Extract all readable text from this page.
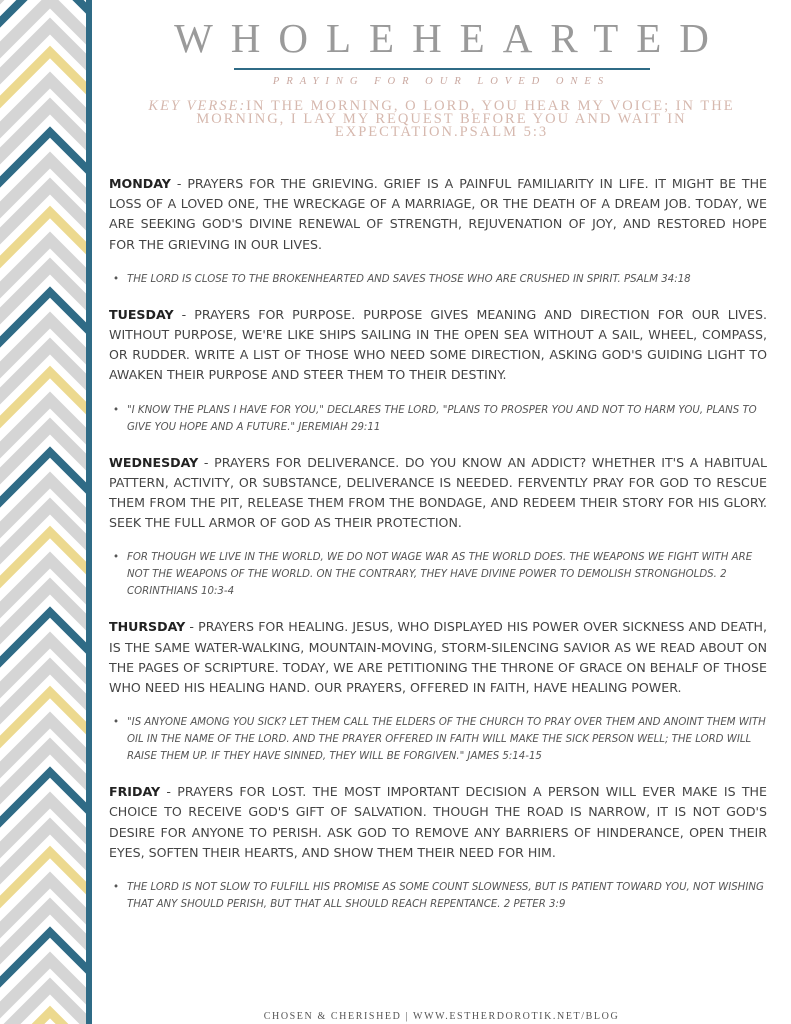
WHOLEHEARTED
PRAYING FOR OUR LOVED ONES
KEY VERSE:IN THE MORNING, O LORD, YOU HEAR MY VOICE; IN THE MORNING, I LAY MY REQUEST BEFORE YOU AND WAIT IN EXPECTATION.PSALM 5:3

MONDAY - PRAYERS FOR THE GRIEVING. GRIEF IS A PAINFUL FAMILIARITY IN LIFE. IT MIGHT BE THE LOSS OF A LOVED ONE, THE WRECKAGE OF A MARRIAGE, OR THE DEATH OF A DREAM JOB. TODAY, WE ARE SEEKING GOD'S DIVINE RENEWAL OF STRENGTH, REJUVENATION OF JOY, AND RESTORED HOPE FOR THE GRIEVING IN OUR LIVES.

• THE LORD IS CLOSE TO THE BROKENHEARTED AND SAVES THOSE WHO ARE CRUSHED IN SPIRIT. PSALM 34:18

TUESDAY - PRAYERS FOR PURPOSE. PURPOSE GIVES MEANING AND DIRECTION FOR OUR LIVES. WITHOUT PURPOSE, WE'RE LIKE SHIPS SAILING IN THE OPEN SEA WITHOUT A SAIL, WHEEL, COMPASS, OR RUDDER. WRITE A LIST OF THOSE WHO NEED SOME DIRECTION, ASKING GOD'S GUIDING LIGHT TO AWAKEN THEIR PURPOSE AND STEER THEM TO THEIR DESTINY.

• "I KNOW THE PLANS I HAVE FOR YOU," DECLARES THE LORD, "PLANS TO PROSPER YOU AND NOT TO HARM YOU, PLANS TO GIVE YOU HOPE AND A FUTURE." JEREMIAH 29:11

WEDNESDAY - PRAYERS FOR DELIVERANCE. DO YOU KNOW AN ADDICT? WHETHER IT'S A HABITUAL PATTERN, ACTIVITY, OR SUBSTANCE, DELIVERANCE IS NEEDED. FERVENTLY PRAY FOR GOD TO RESCUE THEM FROM THE PIT, RELEASE THEM FROM THE BONDAGE, AND REDEEM THEIR STORY FOR HIS GLORY. SEEK THE FULL ARMOR OF GOD AS THEIR PROTECTION.

• FOR THOUGH WE LIVE IN THE WORLD, WE DO NOT WAGE WAR AS THE WORLD DOES. THE WEAPONS WE FIGHT WITH ARE NOT THE WEAPONS OF THE WORLD. ON THE CONTRARY, THEY HAVE DIVINE POWER TO DEMOLISH STRONGHOLDS. 2 CORINTHIANS 10:3-4

THURSDAY - PRAYERS FOR HEALING. JESUS, WHO DISPLAYED HIS POWER OVER SICKNESS AND DEATH, IS THE SAME WATER-WALKING, MOUNTAIN-MOVING, STORM-SILENCING SAVIOR AS WE READ ABOUT ON THE PAGES OF SCRIPTURE. TODAY, WE ARE PETITIONING THE THRONE OF GRACE ON BEHALF OF THOSE WHO NEED HIS HEALING HAND. OUR PRAYERS, OFFERED IN FAITH, HAVE HEALING POWER.

• "IS ANYONE AMONG YOU SICK? LET THEM CALL THE ELDERS OF THE CHURCH TO PRAY OVER THEM AND ANOINT THEM WITH OIL IN THE NAME OF THE LORD. AND THE PRAYER OFFERED IN FAITH WILL MAKE THE SICK PERSON WELL; THE LORD WILL RAISE THEM UP. IF THEY HAVE SINNED, THEY WILL BE FORGIVEN." JAMES 5:14-15

FRIDAY - PRAYERS FOR LOST. THE MOST IMPORTANT DECISION A PERSON WILL EVER MAKE IS THE CHOICE TO RECEIVE GOD'S GIFT OF SALVATION. THOUGH THE ROAD IS NARROW, IT IS NOT GOD'S DESIRE FOR ANYONE TO PERISH. ASK GOD TO REMOVE ANY BARRIERS OF HINDERANCE, OPEN THEIR EYES, SOFTEN THEIR HEARTS, AND SHOW THEM THEIR NEED FOR HIM.

• THE LORD IS NOT SLOW TO FULFILL HIS PROMISE AS SOME COUNT SLOWNESS, BUT IS PATIENT TOWARD YOU, NOT WISHING THAT ANY SHOULD PERISH, BUT THAT ALL SHOULD REACH REPENTANCE. 2 PETER 3:9
CHOSEN & CHERISHED | WWW.ESTHERDOROTIK.NET/BLOG
